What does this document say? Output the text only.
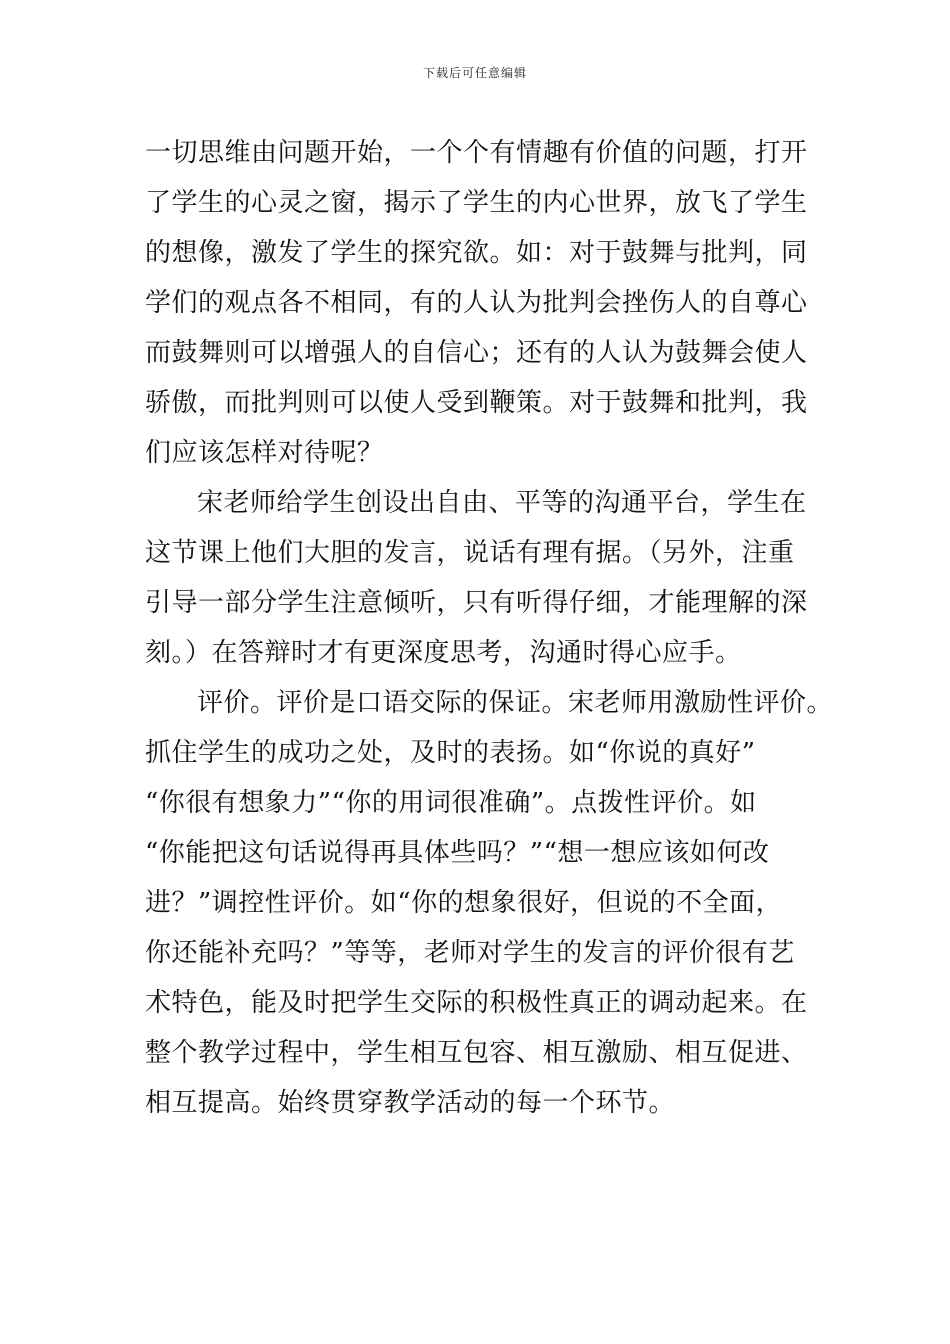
下载后可任意编辑
一切思维由问题开始，一个个有情趣有价值的问题，打开
了学生的心灵之窗，揭示了学生的内心世界，放飞了学生
的想像，激发了学生的探究欲。如：对于鼓舞与批判，同
学们的观点各不相同，有的人认为批判会挫伤人的自尊心
而鼓舞则可以增强人的自信心；还有的人认为鼓舞会使人
骄傲，而批判则可以使人受到鞭策。对于鼓舞和批判，我
们应该怎样对待呢？
宋老师给学生创设出自由、平等的沟通平台，学生在
这节课上他们大胆的发言，说话有理有据。（另外，注重
引导一部分学生注意倾听，只有听得仔细，才能理解的深
刻。）在答辩时才有更深度思考，沟通时得心应手。
评价。评价是口语交际的保证。宋老师用激励性评价。
抓住学生的成功之处，及时的表扬。如“你说的真好”
“你很有想象力”“你的用词很准确”。点拨性评价。如
“你能把这句话说得再具体些吗？”“想一想应该如何改
进？”调控性评价。如“你的想象很好，但说的不全面，
你还能补充吗？”等等，老师对学生的发言的评价很有艺
术特色，能及时把学生交际的积极性真正的调动起来。在
整个教学过程中，学生相互包容、相互激励、相互促进、
相互提高。始终贯穿教学活动的每一个环节。
